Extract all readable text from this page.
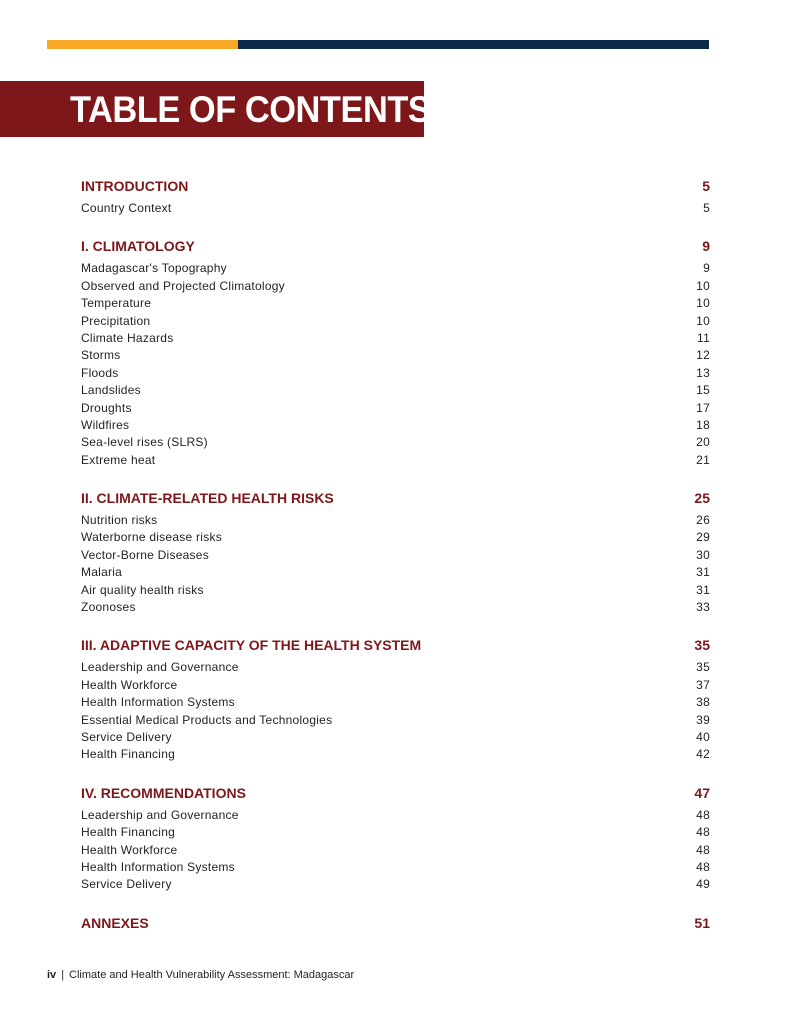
TABLE OF CONTENTS
INTRODUCTION	5
Country Context	5
I. CLIMATOLOGY	9
Madagascar's Topography	9
Observed and Projected Climatology	10
Temperature	10
Precipitation	10
Climate Hazards	11
Storms	12
Floods	13
Landslides	15
Droughts	17
Wildfires	18
Sea-level rises (SLRS)	20
Extreme heat	21
II. CLIMATE-RELATED HEALTH RISKS	25
Nutrition risks	26
Waterborne disease risks	29
Vector-Borne Diseases	30
Malaria	31
Air quality health risks	31
Zoonoses	33
III. ADAPTIVE CAPACITY OF THE HEALTH SYSTEM	35
Leadership and Governance	35
Health Workforce	37
Health Information Systems	38
Essential Medical Products and Technologies	39
Service Delivery	40
Health Financing	42
IV. RECOMMENDATIONS	47
Leadership and Governance	48
Health Financing	48
Health Workforce	48
Health Information Systems	48
Service Delivery	49
ANNEXES	51
iv | Climate and Health Vulnerability Assessment: Madagascar
